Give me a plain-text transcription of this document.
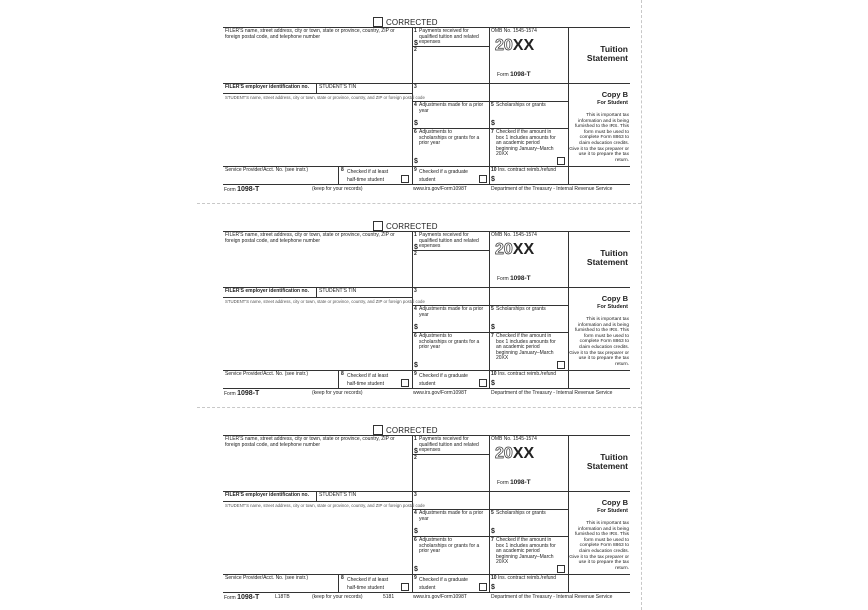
CORRECTED
FILER'S name, street address, city or town, state or province, country, ZIP or foreign postal code, and telephone number
FILER'S employer identification no. STUDENT'S TIN
STUDENT'S name, street address, city or town, state or province, country, and ZIP or foreign postal code
Service Provider/Acct. No. (see instr.)	8 Checked if at least half-time student
1 Payments received for qualified tuition and related expenses
$
2
3
4 Adjustments made for a prior year
$
6 Adjustments to scholarships or grants for a prior year
$
9 Checked if a graduate student
OMB No. 1545-1574
20XX
Form 1098-T
5 Scholarships or grants
$
7 Checked if the amount in box 1 includes amounts for an academic period beginning January–March 20XX
10 Ins. contract reimb./refund
$
Tuition
Statement
Copy B
For Student
This is important tax information and is being furnished to the IRS. This form must be used to complete Form 8863 to claim education credits. Give it to the tax preparer or use it to prepare the tax return.
Form 1098-T	(keep for your records)	www.irs.gov/Form1098T	Department of the Treasury - Internal Revenue Service
CORRECTED
FILER'S name, street address, city or town, state or province, country, ZIP or foreign postal code, and telephone number
FILER'S employer identification no. STUDENT'S TIN
STUDENT'S name, street address, city or town, state or province, country, and ZIP or foreign postal code
Service Provider/Acct. No. (see instr.)	8 Checked if at least half-time student
1 Payments received for qualified tuition and related expenses
$
2
3
4 Adjustments made for a prior year
$
6 Adjustments to scholarships or grants for a prior year
$
9 Checked if a graduate student
OMB No. 1545-1574
20XX
Form 1098-T
5 Scholarships or grants
$
7 Checked if the amount in box 1 includes amounts for an academic period beginning January–March 20XX
10 Ins. contract reimb./refund
$
Tuition
Statement
Copy B
For Student
This is important tax information and is being furnished to the IRS. This form must be used to complete Form 8863 to claim education credits. Give it to the tax preparer or use it to prepare the tax return.
Form 1098-T	(keep for your records)	www.irs.gov/Form1098T	Department of the Treasury - Internal Revenue Service
CORRECTED
FILER'S name, street address, city or town, state or province, country, ZIP or foreign postal code, and telephone number
FILER'S employer identification no. STUDENT'S TIN
STUDENT'S name, street address, city or town, state or province, country, and ZIP or foreign postal code
Service Provider/Acct. No. (see instr.)	8 Checked if at least half-time student
1 Payments received for qualified tuition and related expenses
$
2
3
4 Adjustments made for a prior year
$
6 Adjustments to scholarships or grants for a prior year
$
9 Checked if a graduate student
OMB No. 1545-1574
20XX
Form 1098-T
5 Scholarships or grants
$
7 Checked if the amount in box 1 includes amounts for an academic period beginning January–March 20XX
10 Ins. contract reimb./refund
$
Tuition
Statement
Copy B
For Student
This is important tax information and is being furnished to the IRS. This form must be used to complete Form 8863 to claim education credits. Give it to the tax preparer or use it to prepare the tax return.
Form 1098-T	L18TB	(keep for your records)	5181	www.irs.gov/Form1098T	Department of the Treasury - Internal Revenue Service
